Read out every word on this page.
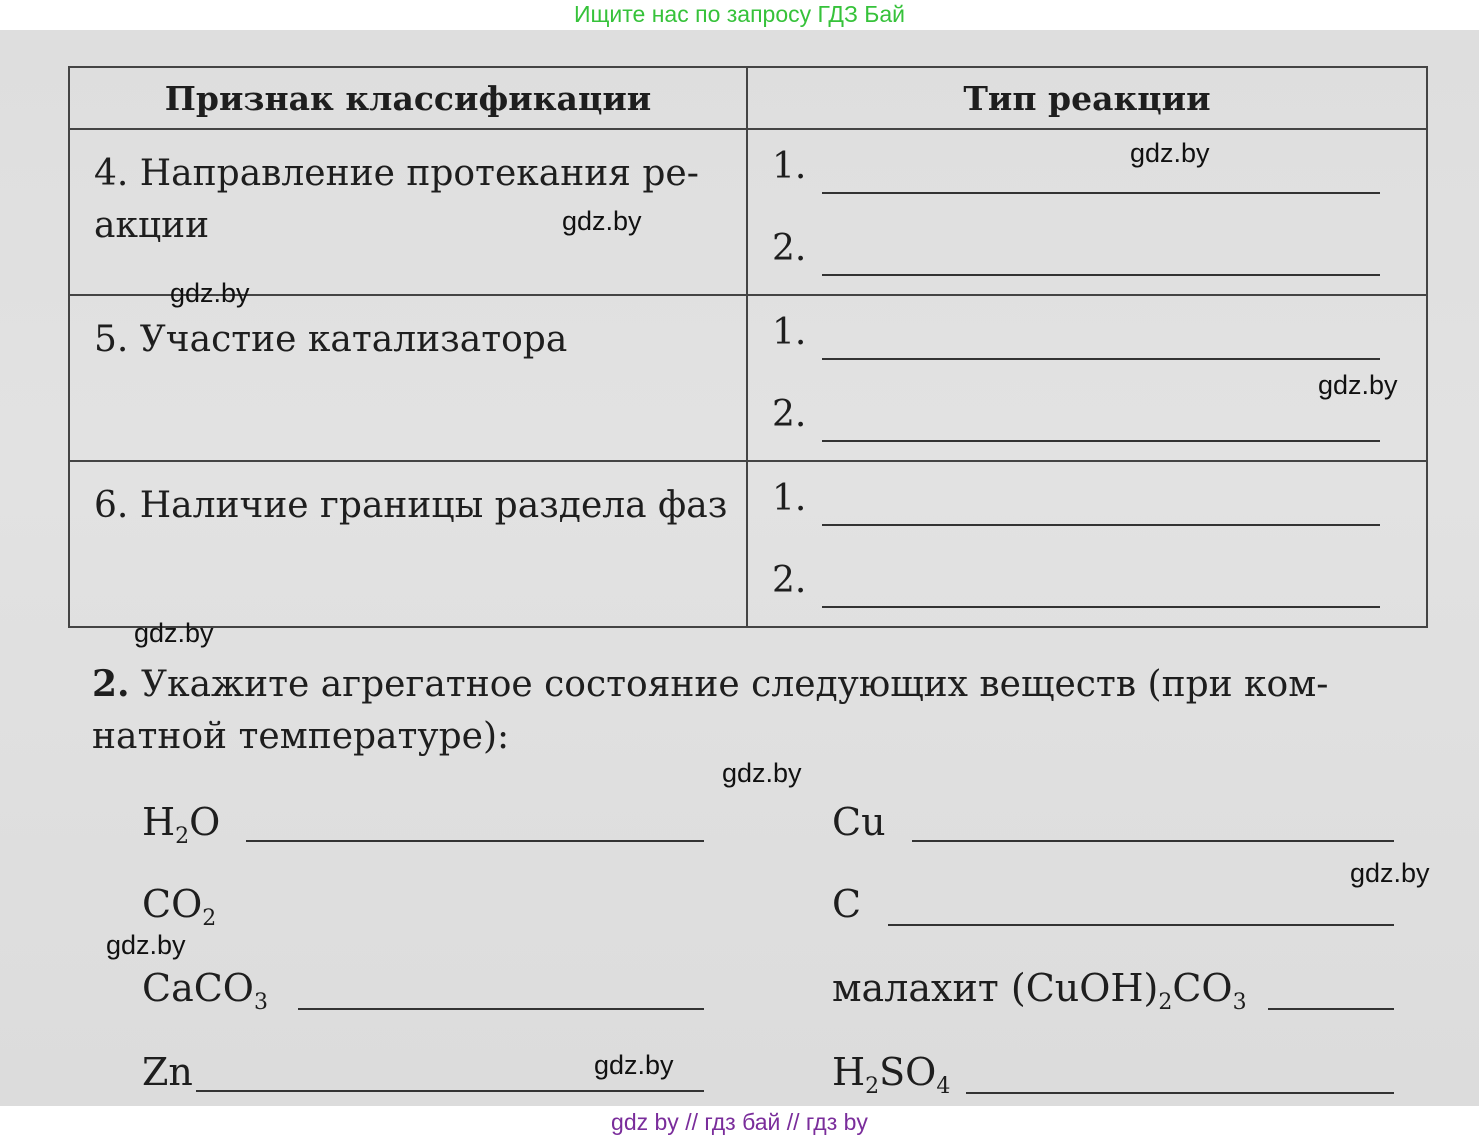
Ищите нас по запросу ГДЗ Бай
Признак классификации	Тип реакции
4. Направление протекания ре-акции	1.
2.

5. Участие катализатора	1.
2.

6. Наличие границы раздела фаз	1.
2.
2. Укажите агрегатное состояние следующих веществ (при ком-натной температуре):
$H_2O$
$CO_2$
CaCO$_3$
Zn
Cu
C
малахит $(CuOH)_2CO_3$
$H_2SO_4$
gdz.by
gdz.by
gdz.by
gdz.by
gdz.by
gdz.by
gdz.by
gdz.by
gdz.by
gdz by // гдз бай // гдз by
